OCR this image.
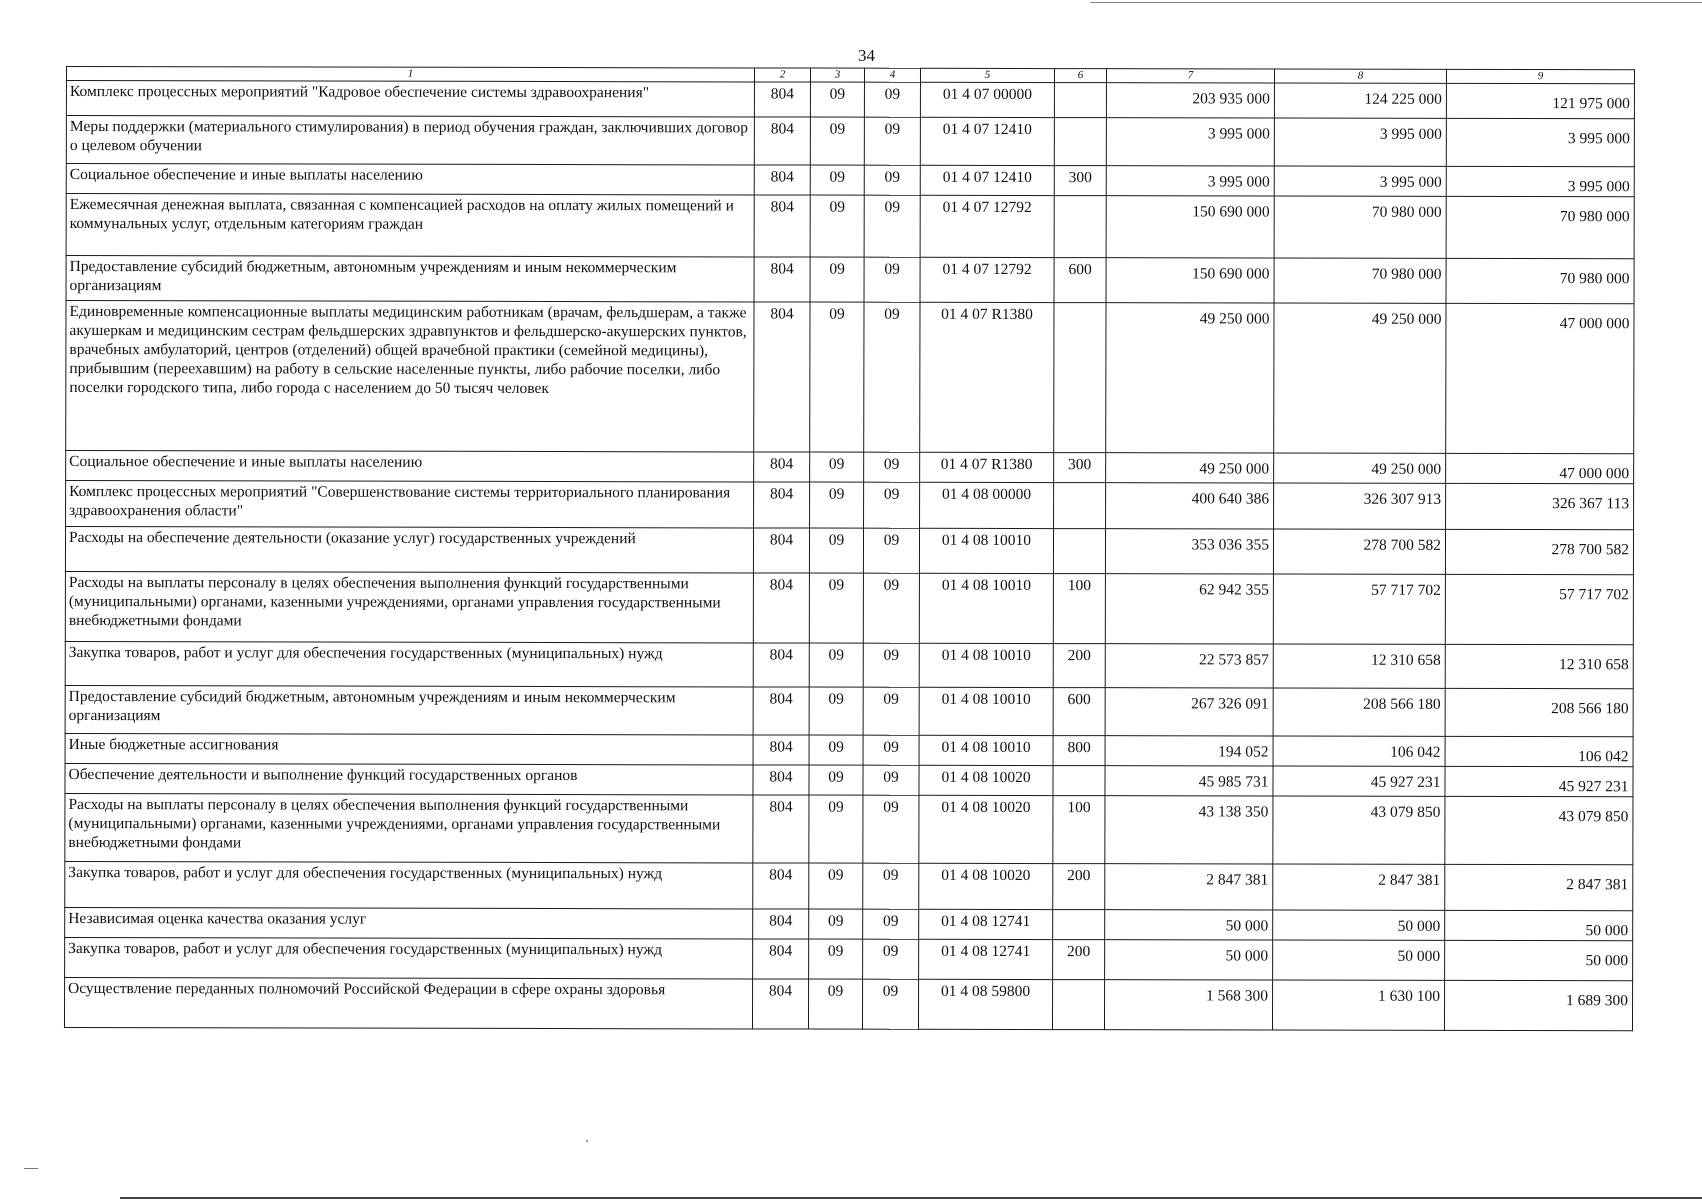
34
1	2	3	4	5	6	7	8	9
Комплекс процессных мероприятий "Кадровое обеспечение системы здравоохранения"	804	09	09	01 4 07 00000		203 935 000	124 225 000	121 975 000

Меры поддержки (материального стимулирования) в период обучения граждан, заключивших договор о целевом обучении	804	09	09	01 4 07 12410		3 995 000	3 995 000	3 995 000

Социальное обеспечение и иные выплаты населению	804	09	09	01 4 07 12410	300	3 995 000	3 995 000	3 995 000

Ежемесячная денежная выплата, связанная с компенсацией расходов на оплату жилых помещений и коммунальных услуг, отдельным категориям граждан	804	09	09	01 4 07 12792		150 690 000	70 980 000	70 980 000

Предоставление субсидий бюджетным, автономным учреждениям и иным некоммерческим организациям	804	09	09	01 4 07 12792	600	150 690 000	70 980 000	70 980 000

Единовременные компенсационные выплаты медицинским работникам (врачам, фельдшерам, а также акушеркам и медицинским сестрам фельдшерских здравпунктов и фельдшерско-акушерских пунктов, врачебных амбулаторий, центров (отделений) общей врачебной практики (семейной медицины), прибывшим (переехавшим) на работу в сельские населенные пункты, либо рабочие поселки, либо поселки городского типа, либо города с населением до 50 тысяч человек	804	09	09	01 4 07 R1380		49 250 000	49 250 000	47 000 000

Социальное обеспечение и иные выплаты населению	804	09	09	01 4 07 R1380	300	49 250 000	49 250 000	47 000 000

Комплекс процессных мероприятий "Совершенствование системы территориального планирования здравоохранения области"	804	09	09	01 4 08 00000		400 640 386	326 307 913	326 367 113

Расходы на обеспечение деятельности (оказание услуг) государственных учреждений	804	09	09	01 4 08 10010		353 036 355	278 700 582	278 700 582

Расходы на выплаты персоналу в целях обеспечения выполнения функций государственными (муниципальными) органами, казенными учреждениями, органами управления государственными внебюджетными фондами	804	09	09	01 4 08 10010	100	62 942 355	57 717 702	57 717 702

Закупка товаров, работ и услуг для обеспечения государственных (муниципальных) нужд	804	09	09	01 4 08 10010	200	22 573 857	12 310 658	12 310 658

Предоставление субсидий бюджетным, автономным учреждениям и иным некоммерческим организациям	804	09	09	01 4 08 10010	600	267 326 091	208 566 180	208 566 180

Иные бюджетные ассигнования	804	09	09	01 4 08 10010	800	194 052	106 042	106 042

Обеспечение деятельности и выполнение функций государственных органов	804	09	09	01 4 08 10020		45 985 731	45 927 231	45 927 231

Расходы на выплаты персоналу в целях обеспечения выполнения функций государственными (муниципальными) органами, казенными учреждениями, органами управления государственными внебюджетными фондами	804	09	09	01 4 08 10020	100	43 138 350	43 079 850	43 079 850

Закупка товаров, работ и услуг для обеспечения государственных (муниципальных) нужд	804	09	09	01 4 08 10020	200	2 847 381	2 847 381	2 847 381

Независимая оценка качества оказания услуг	804	09	09	01 4 08 12741		50 000	50 000	50 000

Закупка товаров, работ и услуг для обеспечения государственных (муниципальных) нужд	804	09	09	01 4 08 12741	200	50 000	50 000	50 000

Осуществление переданных полномочий Российской Федерации в сфере охраны здоровья	804	09	09	01 4 08 59800		1 568 300	1 630 100	1 689 300
